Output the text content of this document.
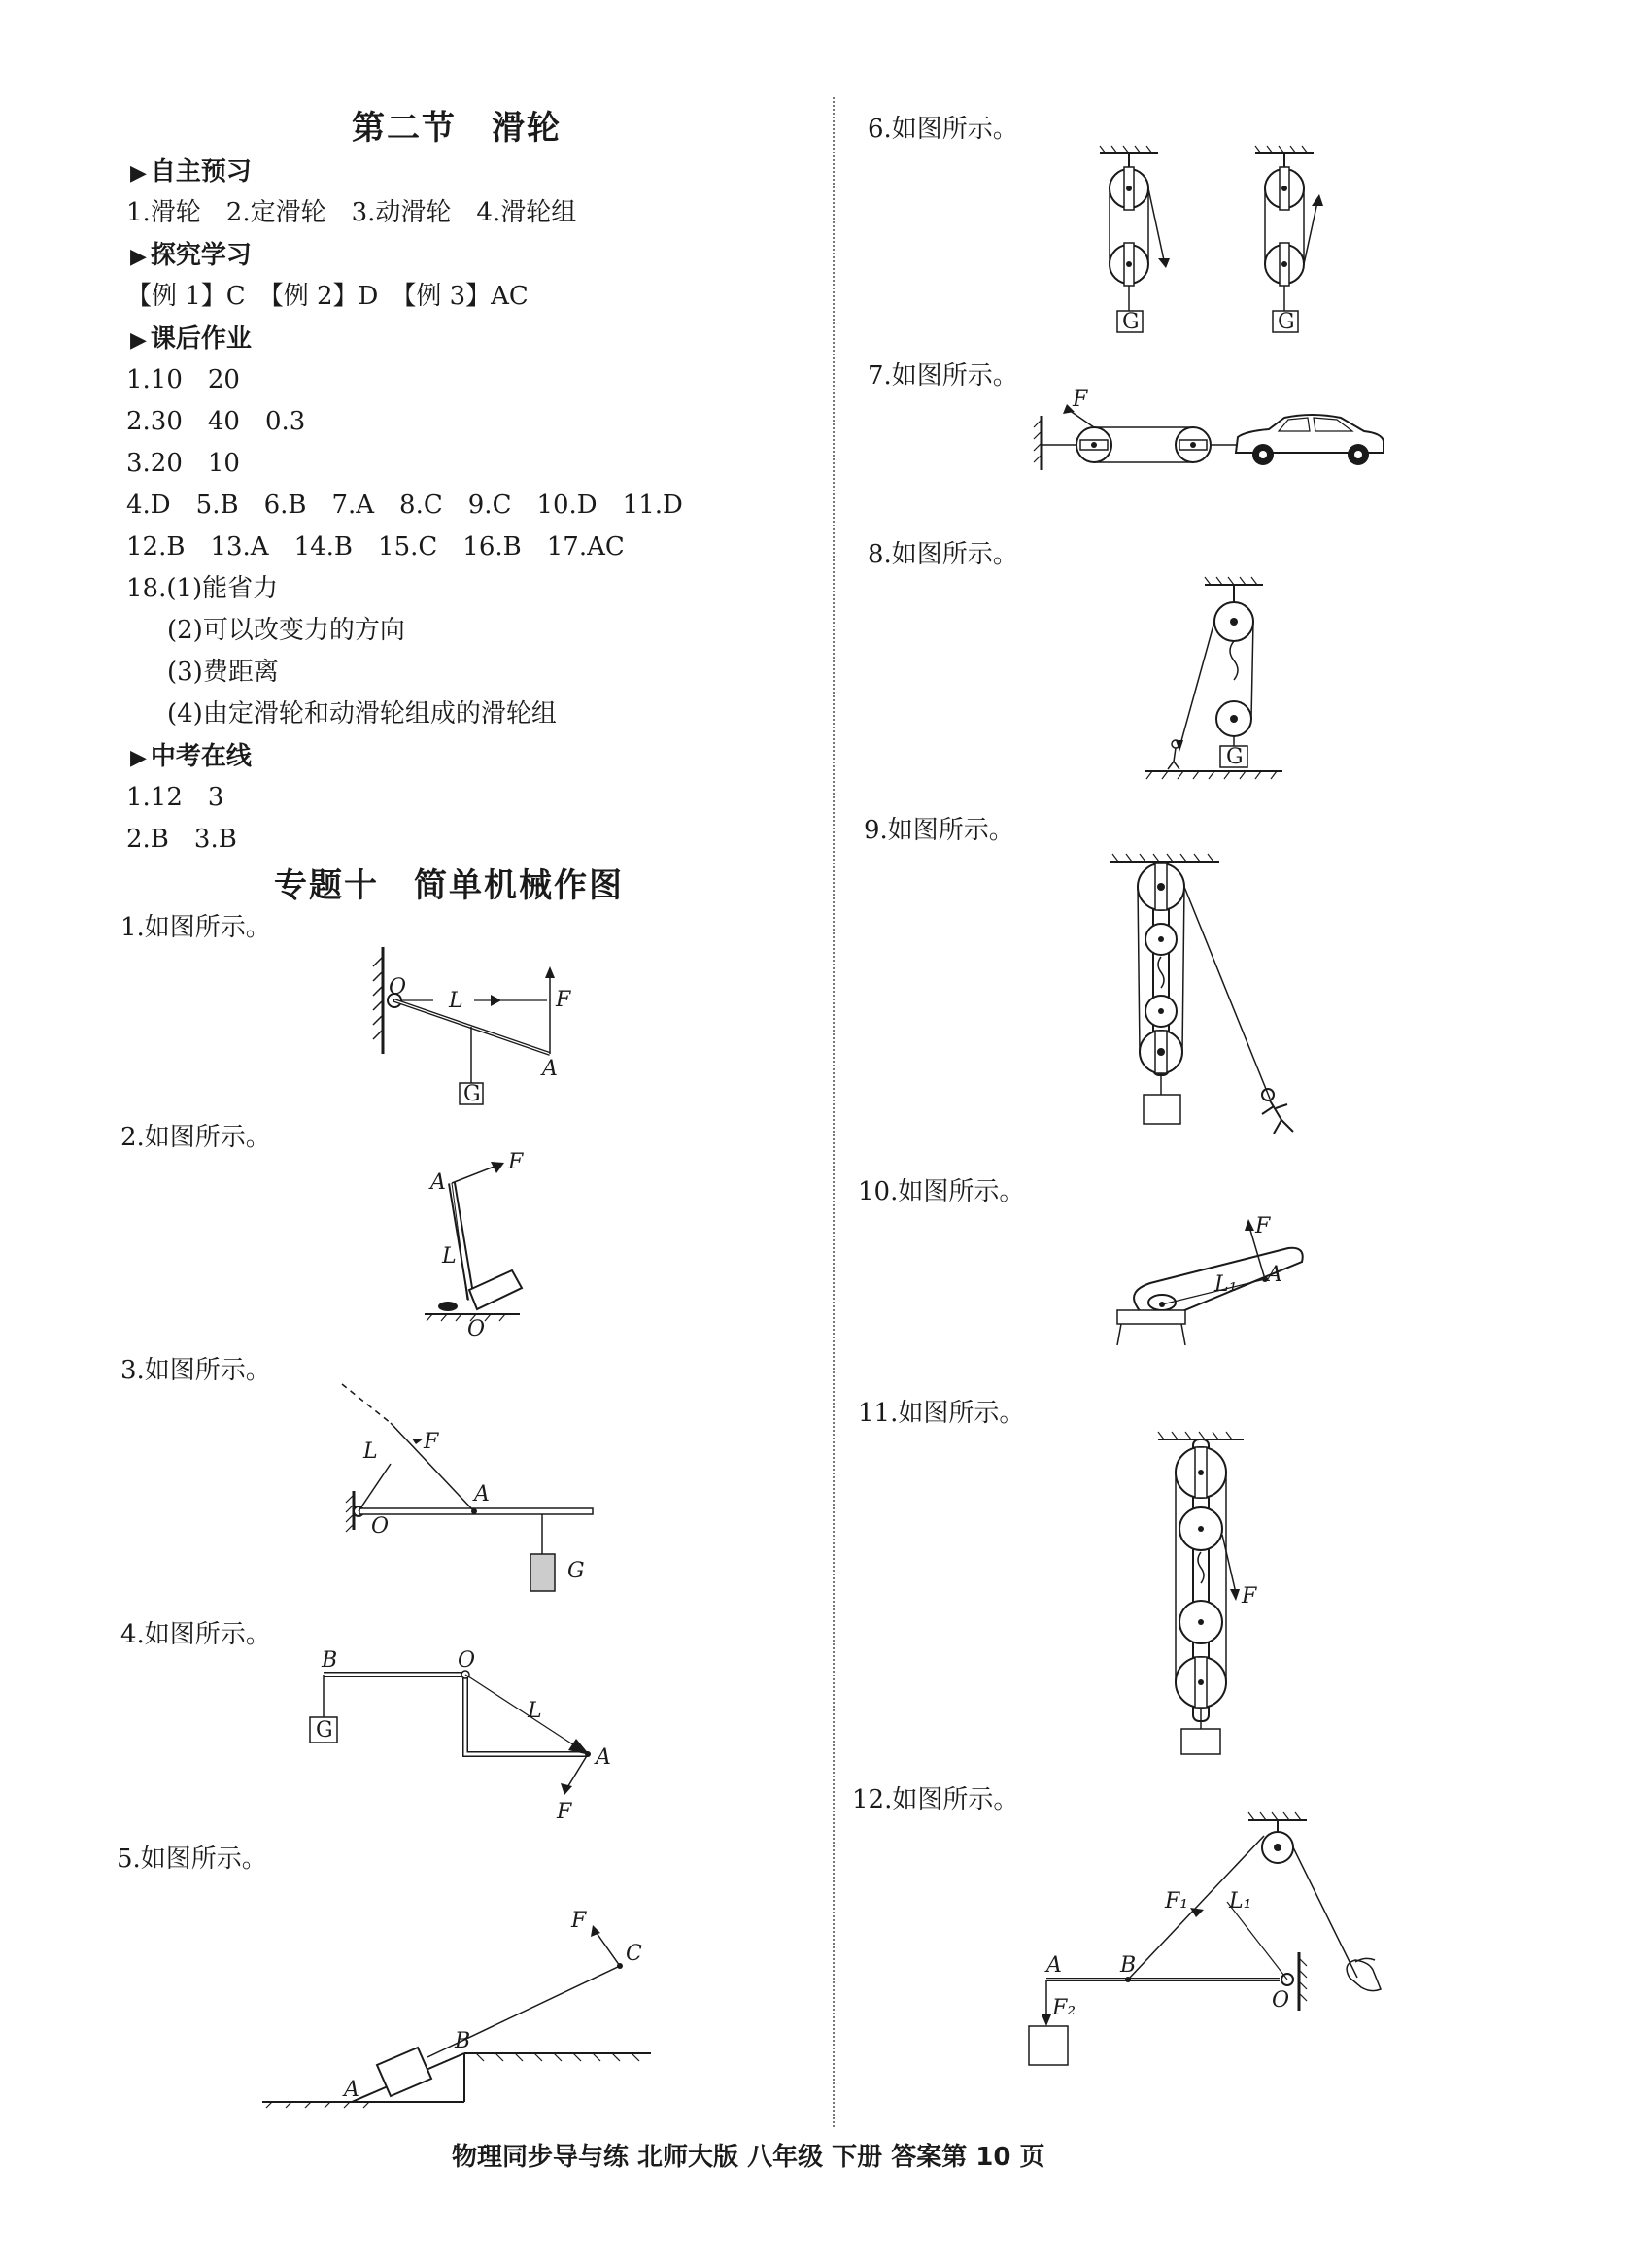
第二节　滑轮
▶ 自主预习
1.滑轮　2.定滑轮　3.动滑轮　4.滑轮组
▶ 探究学习
【例 1】C　【例 2】D　【例 3】AC
▶ 课后作业
1.10　20
2.30　40　0.3
3.20　10
4.D　5.B　6.B　7.A　8.C　9.C　10.D　11.D
12.B　13.A　14.B　15.C　16.B　17.AC
18.(1)能省力
(2)可以改变力的方向
(3)费距离
(4)由定滑轮和动滑轮组成的滑轮组
▶ 中考在线
1.12　3
2.B　3.B
专题十　简单机械作图
1.如图所示。
2.如图所示。
3.如图所示。
4.如图所示。
5.如图所示。
6.如图所示。
7.如图所示。
8.如图所示。
9.如图所示。
10.如图所示。
11.如图所示。
12.如图所示。
G
O
L	F
A
A
F
L
O
L F
A
O
G
G
B	O
L
A
F
A
B
C
F
G	G
F
G
F
L₁ A
F
A	B
F₁ L₁
O
F₂
物理同步导与练 北师大版 八年级 下册 答案第 10 页
